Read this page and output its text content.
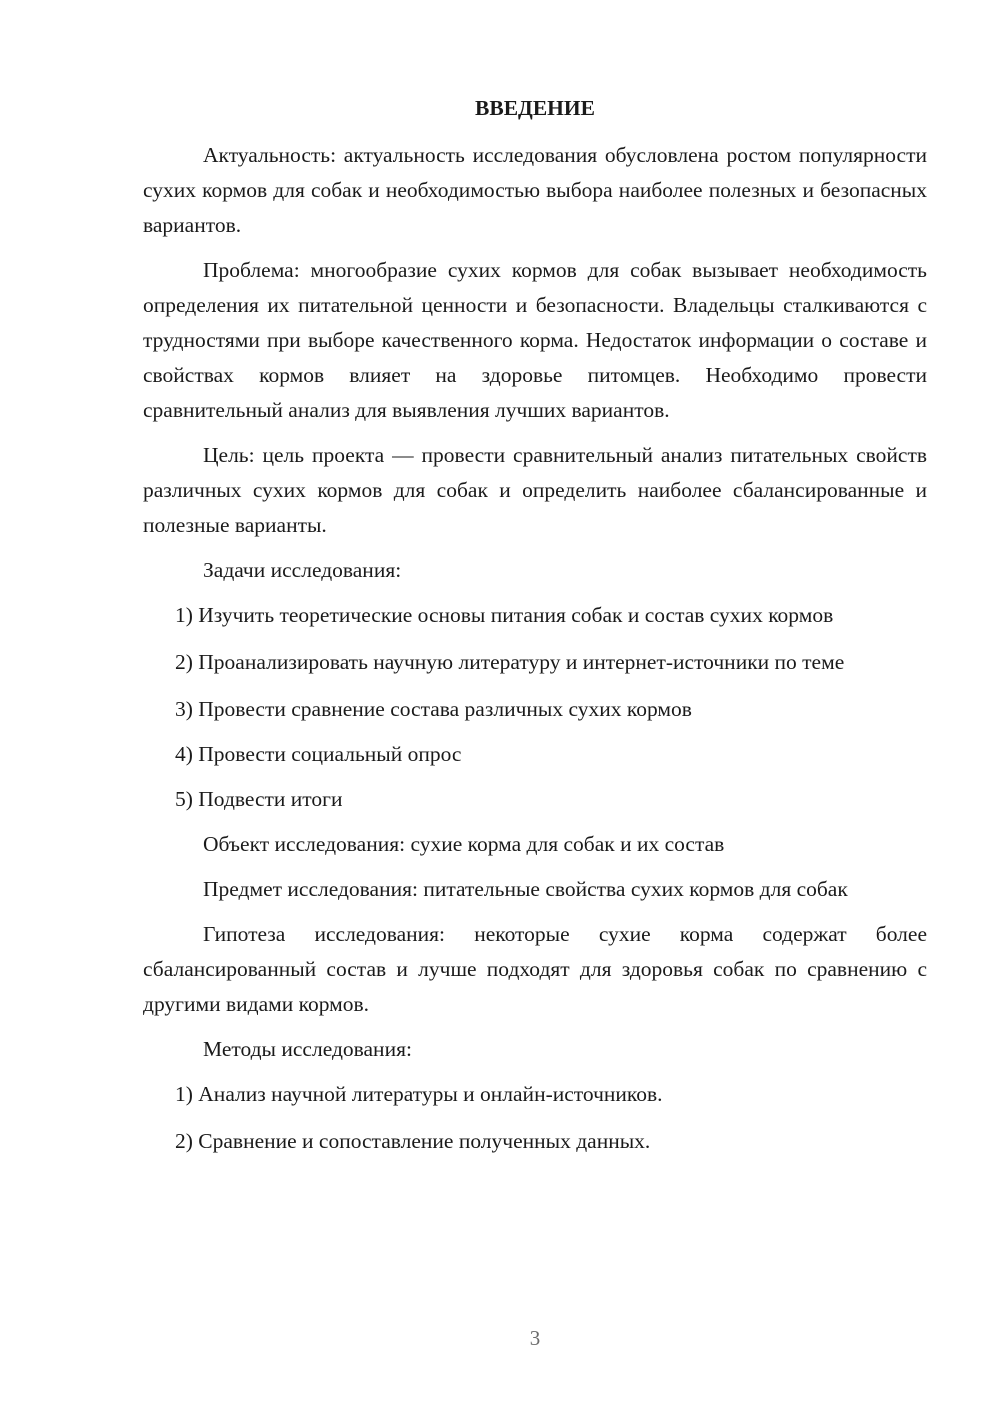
ВВЕДЕНИЕ

Актуальность: актуальность исследования обусловлена ростом популярности сухих кормов для собак и необходимостью выбора наиболее полезных и безопасных вариантов.

Проблема: многообразие сухих кормов для собак вызывает необходимость определения их питательной ценности и безопасности. Владельцы сталкиваются с трудностями при выборе качественного корма. Недостаток информации о составе и свойствах кормов влияет на здоровье питомцев. Необходимо провести сравнительный анализ для выявления лучших вариантов.

Цель: цель проекта — провести сравнительный анализ питательных свойств различных сухих кормов для собак и определить наиболее сбалансированные и полезные варианты.

Задачи исследования:

1) Изучить теоретические основы питания собак и состав сухих кормов

2) Проанализировать научную литературу и интернет-источники по теме

3) Провести сравнение состава различных сухих кормов

4) Провести социальный опрос

5) Подвести итоги

Объект исследования: сухие корма для собак и их состав

Предмет исследования: питательные свойства сухих кормов для собак

Гипотеза исследования: некоторые сухие корма содержат более сбалансированный состав и лучше подходят для здоровья собак по сравнению с другими видами кормов.

Методы исследования:

1) Анализ научной литературы и онлайн-источников.

2) Сравнение и сопоставление полученных данных.

3
